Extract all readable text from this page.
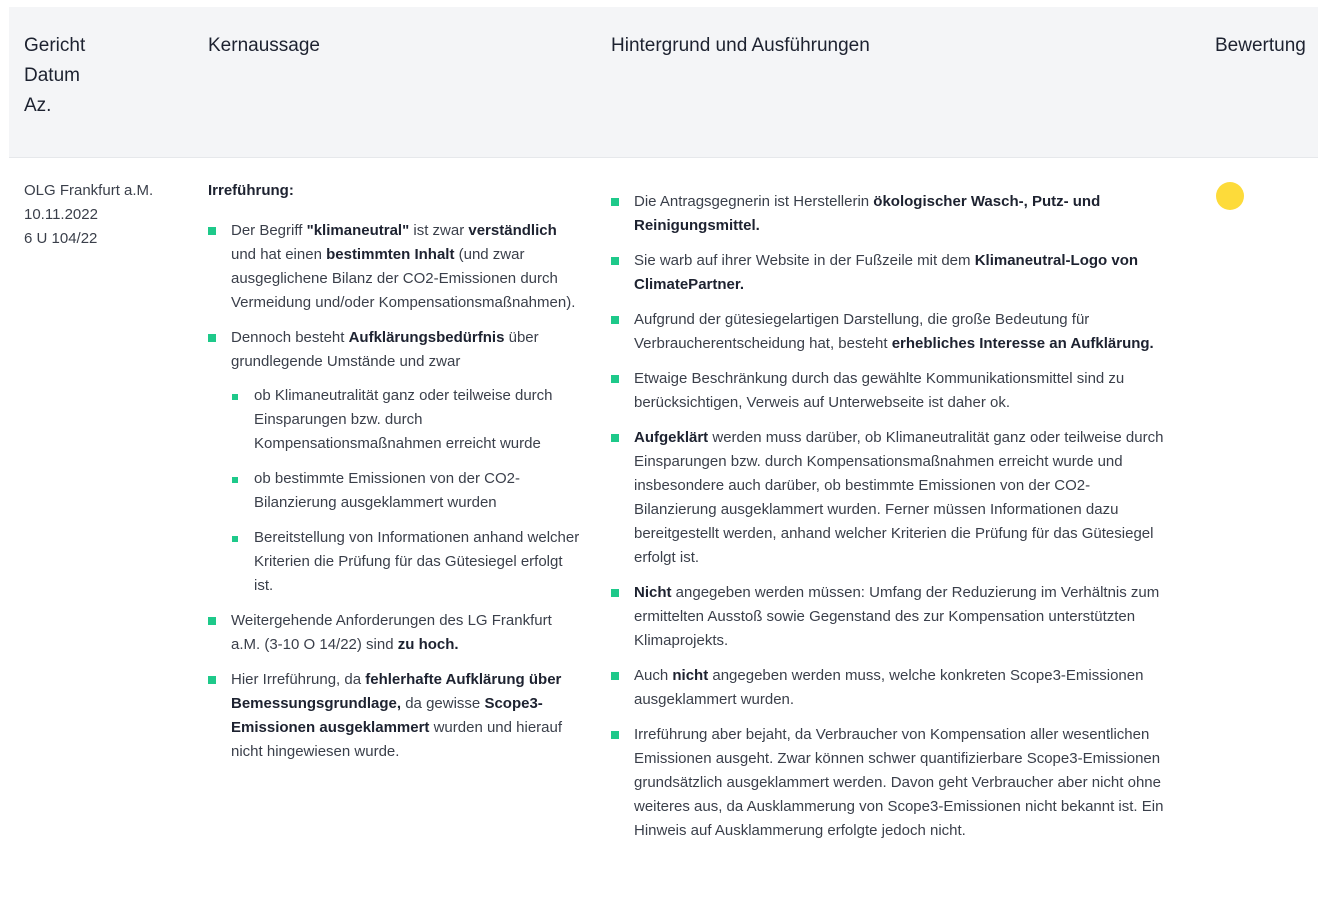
Gericht
Datum
Az.
Kernaussage	Hintergrund und Ausführungen	Bewertung
OLG Frankfurt a.M.
10.11.2022
6 U 104/22
Irreführung:
Der Begriff "klimaneutral" ist zwar verständlich und hat einen bestimmten Inhalt (und zwar ausgeglichene Bilanz der CO2-Emissionen durch Vermeidung und/oder Kompensationsmaßnahmen).
Dennoch besteht Aufklärungsbedürfnis über grundlegende Umstände und zwar
ob Klimaneutralität ganz oder teilweise durch Einsparungen bzw. durch Kompensationsmaßnahmen erreicht wurde
ob bestimmte Emissionen von der CO2-Bilanzierung ausgeklammert wurden
Bereitstellung von Informationen anhand welcher Kriterien die Prüfung für das Gütesiegel erfolgt ist.
Weitergehende Anforderungen des LG Frankfurt a.M. (3-10 O 14/22) sind zu hoch.
Hier Irreführung, da fehlerhafte Aufklärung über Bemessungsgrundlage, da gewisse Scope3-Emissionen ausgeklammert wurden und hierauf nicht hingewiesen wurde.
Die Antragsgegnerin ist Herstellerin ökologischer Wasch-, Putz- und Reinigungsmittel.
Sie warb auf ihrer Website in der Fußzeile mit dem Klimaneutral-Logo von ClimatePartner.
Aufgrund der gütesiegelartigen Darstellung, die große Bedeutung für Verbraucherentscheidung hat, besteht erhebliches Interesse an Aufklärung.
Etwaige Beschränkung durch das gewählte Kommunikationsmittel sind zu berücksichtigen, Verweis auf Unterwebseite ist daher ok.
Aufgeklärt werden muss darüber, ob Klimaneutralität ganz oder teilweise durch Einsparungen bzw. durch Kompensationsmaßnahmen erreicht wurde und insbesondere auch darüber, ob bestimmte Emissionen von der CO2-Bilanzierung ausgeklammert wurden. Ferner müssen Informationen dazu bereitgestellt werden, anhand welcher Kriterien die Prüfung für das Gütesiegel erfolgt ist.
Nicht angegeben werden müssen: Umfang der Reduzierung im Verhältnis zum ermittelten Ausstoß sowie Gegenstand des zur Kompensation unterstützten Klimaprojekts.
Auch nicht angegeben werden muss, welche konkreten Scope3-Emissionen ausgeklammert wurden.
Irreführung aber bejaht, da Verbraucher von Kompensation aller wesentlichen Emissionen ausgeht. Zwar können schwer quantifizierbare Scope3-Emissionen grundsätzlich ausgeklammert werden. Davon geht Verbraucher aber nicht ohne weiteres aus, da Ausklammerung von Scope3-Emissionen nicht bekannt ist. Ein Hinweis auf Ausklammerung erfolgte jedoch nicht.
